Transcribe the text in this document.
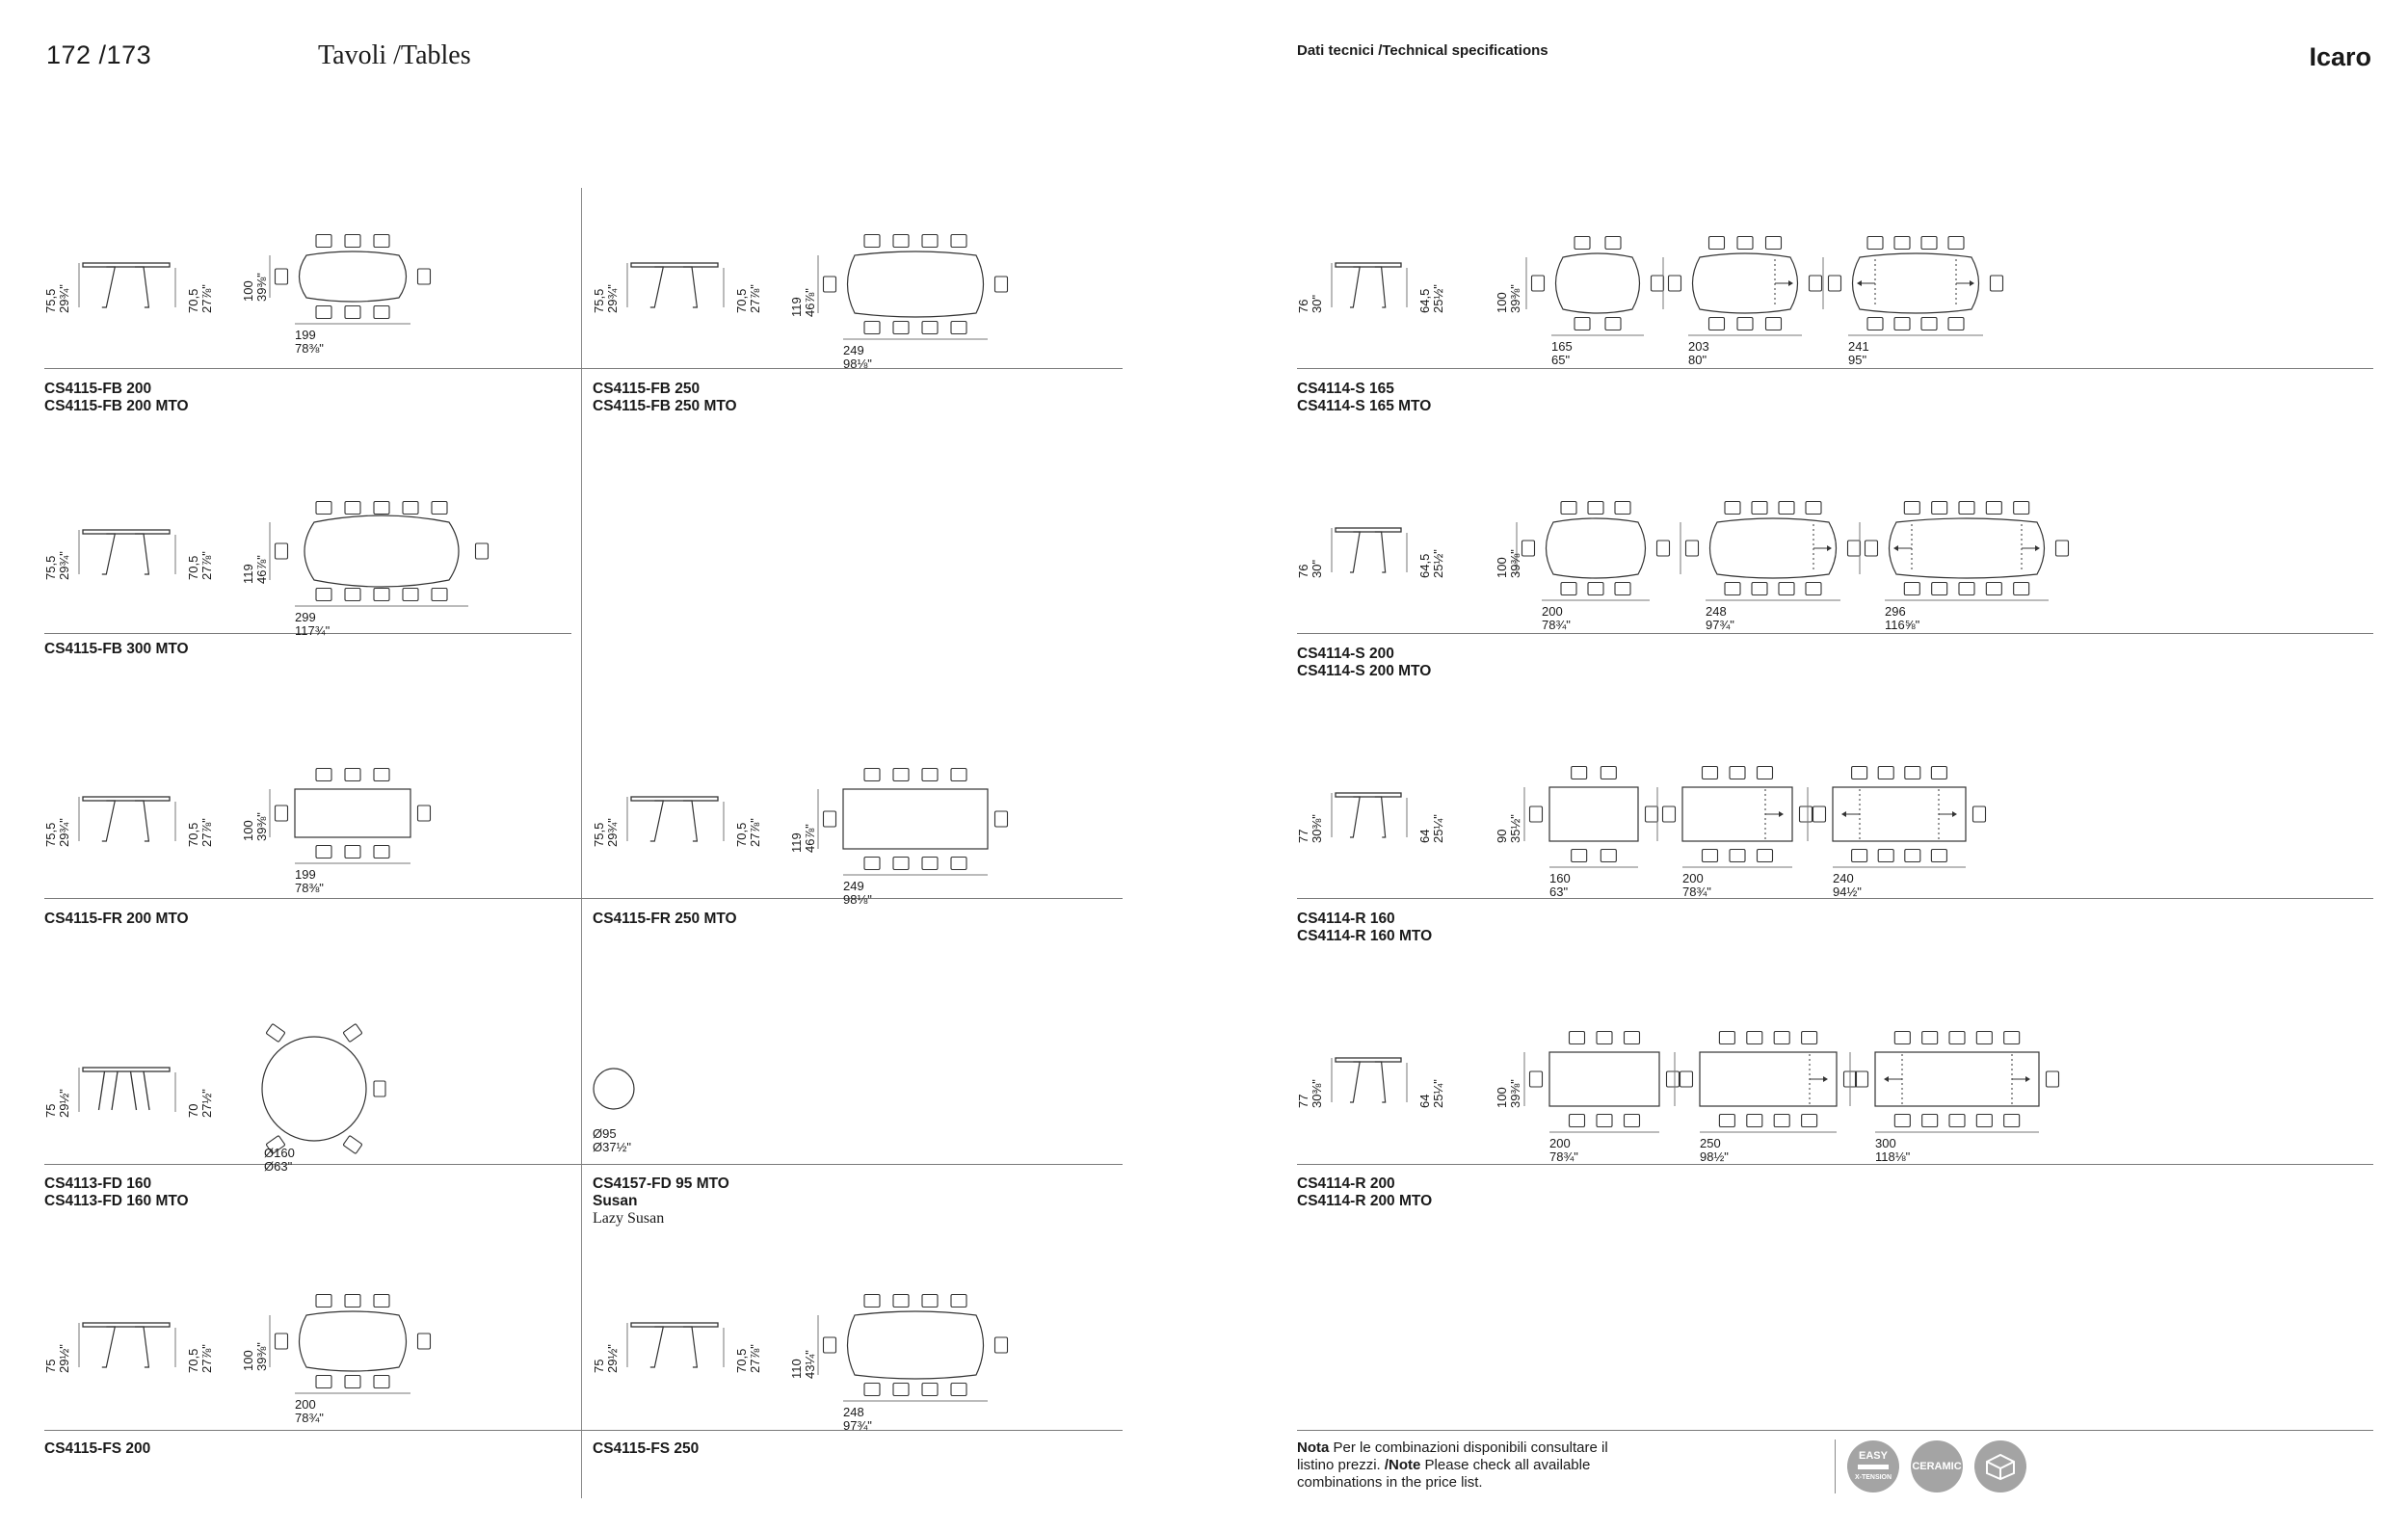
172 /173	Tavoli /Tables	Dati tecnici /Technical specifications	Icaro
75,5 29¾"	70,5 27⅞" 100 39⅜"
199
78⅜"
CS4115-FB 200
CS4115-FB 200 MTO
75,5 29¾"	70,5 27⅞" 119 46⅞"
249
98⅛"
CS4115-FB 250
CS4115-FB 250 MTO
75,5 29¾"	70,5 27⅞" 119 46⅞"
299
117¾"
CS4115-FB 300 MTO
75,5 29¾"	70,5 27⅞" 100 39⅜"
199
78⅜"
CS4115-FR 200 MTO
75,5 29¾"	70,5 27⅞" 119 46⅞"
249
98⅛"
CS4115-FR 250 MTO
75 29½"	70 27½"
Ø160
Ø63"
CS4113-FD 160
CS4113-FD 160 MTO
Ø95
Ø37½"
CS4157-FD 95 MTO
Susan
Lazy Susan
75 29½"	70,5 27⅞" 100 39⅜"
200
78¾"
CS4115-FS 200
75 29½"	70,5 27⅞" 110 43¼"
248
97¾"
CS4115-FS 250
76 30"	64,5 25½"	100 39⅜"
165
65"
203
80"
241
95"
CS4114-S 165
CS4114-S 165 MTO
76 30"	64,5 25½"	100 39⅜"
200
78¾"
248
97¾"
296
116⅝"
CS4114-S 200
CS4114-S 200 MTO
77 30⅜"	64 25¼"	90 35½"
160
63"
200
78¾"
240
94½"
CS4114-R 160
CS4114-R 160 MTO
77 30⅜"	64 25¼"	100 39⅜"
200
78¾"
250
98½"
300
118⅛"
CS4114-R 200
CS4114-R 200 MTO
Nota Per le combinazioni disponibili consultare il listino prezzi. /Note Please check all available combinations in the price list.
EASY
X-TENSION
CERAMIC
